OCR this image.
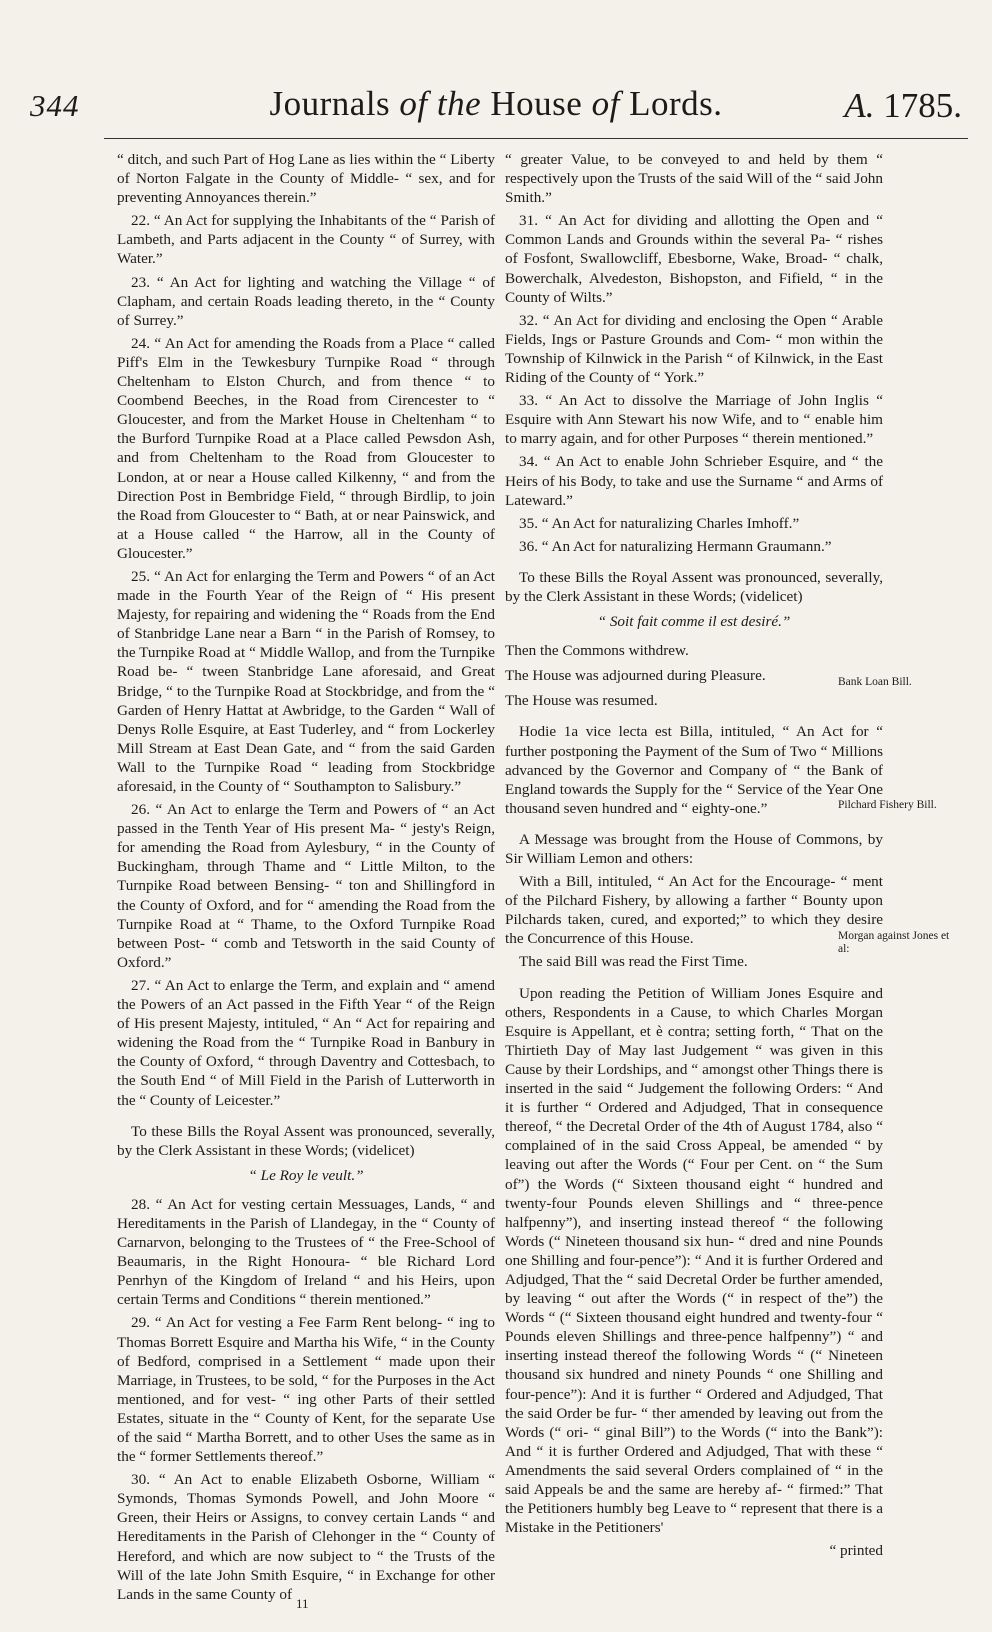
344	Journals of the House of Lords.	A. 1785.

“ ditch, and such Part of Hog Lane as lies within the “ Liberty of Norton Falgate in the County of Middle- “ sex, and for preventing Annoyances therein.”

22. “ An Act for supplying the Inhabitants of the “ Parish of Lambeth, and Parts adjacent in the County “ of Surrey, with Water.”

23. “ An Act for lighting and watching the Village “ of Clapham, and certain Roads leading thereto, in the “ County of Surrey.”

24. “ An Act for amending the Roads from a Place “ called Piff's Elm in the Tewkesbury Turnpike Road “ through Cheltenham to Elston Church, and from thence “ to Coombend Beeches, in the Road from Cirencester to “ Gloucester, and from the Market House in Cheltenham “ to the Burford Turnpike Road at a Place called Pewsdon Ash, and from Cheltenham to the Road from Gloucester to London, at or near a House called Kilkenny, “ and from the Direction Post in Bembridge Field, “ through Birdlip, to join the Road from Gloucester to “ Bath, at or near Painswick, and at a House called “ the Harrow, all in the County of Gloucester.”

25. “ An Act for enlarging the Term and Powers “ of an Act made in the Fourth Year of the Reign of “ His present Majesty, for repairing and widening the “ Roads from the End of Stanbridge Lane near a Barn “ in the Parish of Romsey, to the Turnpike Road at “ Middle Wallop, and from the Turnpike Road be- “ tween Stanbridge Lane aforesaid, and Great Bridge, “ to the Turnpike Road at Stockbridge, and from the “ Garden of Henry Hattat at Awbridge, to the Garden “ Wall of Denys Rolle Esquire, at East Tuderley, and “ from Lockerley Mill Stream at East Dean Gate, and “ from the said Garden Wall to the Turnpike Road “ leading from Stockbridge aforesaid, in the County of “ Southampton to Salisbury.”

26. “ An Act to enlarge the Term and Powers of “ an Act passed in the Tenth Year of His present Ma- “ jesty's Reign, for amending the Road from Aylesbury, “ in the County of Buckingham, through Thame and “ Little Milton, to the Turnpike Road between Bensing- “ ton and Shillingford in the County of Oxford, and for “ amending the Road from the Turnpike Road at “ Thame, to the Oxford Turnpike Road between Post- “ comb and Tetsworth in the said County of Oxford.”

27. “ An Act to enlarge the Term, and explain and “ amend the Powers of an Act passed in the Fifth Year “ of the Reign of His present Majesty, intituled, “ An “ Act for repairing and widening the Road from the “ Turnpike Road in Banbury in the County of Oxford, “ through Daventry and Cottesbach, to the South End “ of Mill Field in the Parish of Lutterworth in the “ County of Leicester.”

To these Bills the Royal Assent was pronounced, severally, by the Clerk Assistant in these Words; (videlicet)

“ Le Roy le veult.”

28. “ An Act for vesting certain Messuages, Lands, “ and Hereditaments in the Parish of Llandegay, in the “ County of Carnarvon, belonging to the Trustees of “ the Free-School of Beaumaris, in the Right Honoura- “ ble Richard Lord Penrhyn of the Kingdom of Ireland “ and his Heirs, upon certain Terms and Conditions “ therein mentioned.”

29. “ An Act for vesting a Fee Farm Rent belong- “ ing to Thomas Borrett Esquire and Martha his Wife, “ in the County of Bedford, comprised in a Settlement “ made upon their Marriage, in Trustees, to be sold, “ for the Purposes in the Act mentioned, and for vest- “ ing other Parts of their settled Estates, situate in the “ County of Kent, for the separate Use of the said “ Martha Borrett, and to other Uses the same as in the “ former Settlements thereof.”

30. “ An Act to enable Elizabeth Osborne, William “ Symonds, Thomas Symonds Powell, and John Moore “ Green, their Heirs or Assigns, to convey certain Lands “ and Hereditaments in the Parish of Clehonger in the “ County of Hereford, and which are now subject to “ the Trusts of the Will of the late John Smith Esquire, “ in Exchange for other Lands in the same County of

“ greater Value, to be conveyed to and held by them “ respectively upon the Trusts of the said Will of the “ said John Smith.”

31. “ An Act for dividing and allotting the Open and “ Common Lands and Grounds within the several Pa- “ rishes of Fosfont, Swallowcliff, Ebesborne, Wake, Broad- “ chalk, Bowerchalk, Alvedeston, Bishopston, and Fifield, “ in the County of Wilts.”

32. “ An Act for dividing and enclosing the Open “ Arable Fields, Ings or Pasture Grounds and Com- “ mon within the Township of Kilnwick in the Parish “ of Kilnwick, in the East Riding of the County of “ York.”

33. “ An Act to dissolve the Marriage of John Inglis “ Esquire with Ann Stewart his now Wife, and to “ enable him to marry again, and for other Purposes “ therein mentioned.”

34. “ An Act to enable John Schrieber Esquire, and “ the Heirs of his Body, to take and use the Surname “ and Arms of Lateward.”

35. “ An Act for naturalizing Charles Imhoff.”

36. “ An Act for naturalizing Hermann Graumann.”

To these Bills the Royal Assent was pronounced, severally, by the Clerk Assistant in these Words; (videlicet)

“ Soit fait comme il est desiré.”

Then the Commons withdrew.

The House was adjourned during Pleasure.

The House was resumed.

Hodie 1a vice lecta est Billa, intituled, “ An Act for “ further postponing the Payment of the Sum of Two “ Millions advanced by the Governor and Company of “ the Bank of England towards the Supply for the “ Service of the Year One thousand seven hundred and “ eighty-one.”

A Message was brought from the House of Commons, by Sir William Lemon and others:

With a Bill, intituled, “ An Act for the Encourage- “ ment of the Pilchard Fishery, by allowing a farther “ Bounty upon Pilchards taken, cured, and exported;” to which they desire the Concurrence of this House.

The said Bill was read the First Time.

Upon reading the Petition of William Jones Esquire and others, Respondents in a Cause, to which Charles Morgan Esquire is Appellant, et è contra; setting forth, “ That on the Thirtieth Day of May last Judgement “ was given in this Cause by their Lordships, and “ amongst other Things there is inserted in the said “ Judgement the following Orders: “ And it is further “ Ordered and Adjudged, That in consequence thereof, “ the Decretal Order of the 4th of August 1784, also “ complained of in the said Cross Appeal, be amended “ by leaving out after the Words (“ Four per Cent. on “ the Sum of”) the Words (“ Sixteen thousand eight “ hundred and twenty-four Pounds eleven Shillings and “ three-pence halfpenny”), and inserting instead thereof “ the following Words (“ Nineteen thousand six hun- “ dred and nine Pounds one Shilling and four-pence”): “ And it is further Ordered and Adjudged, That the “ said Decretal Order be further amended, by leaving “ out after the Words (“ in respect of the”) the Words “ (“ Sixteen thousand eight hundred and twenty-four “ Pounds eleven Shillings and three-pence halfpenny”) “ and inserting instead thereof the following Words “ (“ Nineteen thousand six hundred and ninety Pounds “ one Shilling and four-pence”): And it is further “ Ordered and Adjudged, That the said Order be fur- “ ther amended by leaving out from the Words (“ ori- “ ginal Bill”) to the Words (“ into the Bank”): And “ it is further Ordered and Adjudged, That with these “ Amendments the said several Orders complained of “ in the said Appeals be and the same are hereby af- “ firmed:” That the Petitioners humbly beg Leave to “ represent that there is a Mistake in the Petitioners'

“ printed

Bank Loan Bill.
Pilchard Fishery Bill.
Morgan against Jones et al:
11
